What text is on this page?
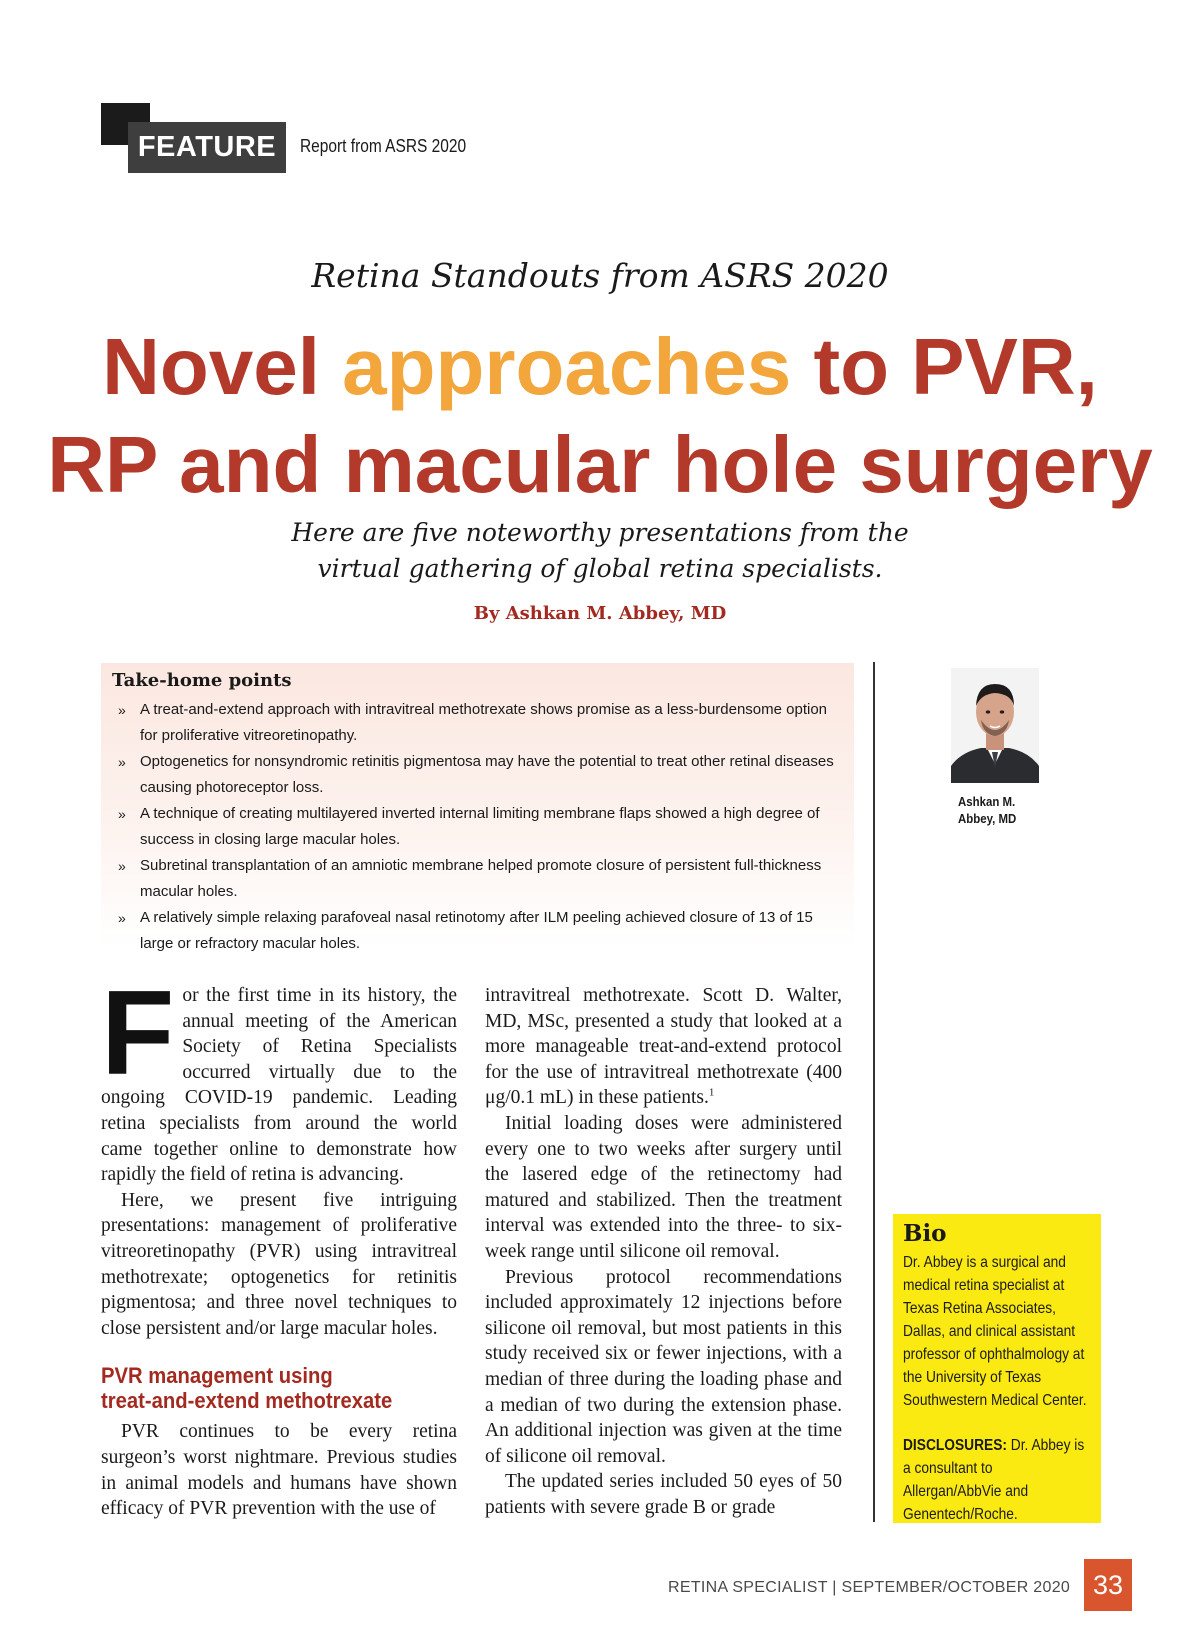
FEATURE	Report from ASRS 2020
Retina Standouts from ASRS 2020
Novel approaches to PVR,
RP and macular hole surgery
Here are five noteworthy presentations from the
virtual gathering of global retina specialists.
By Ashkan M. Abbey, MD
Take-home points
» A treat-and-extend approach with intravitreal methotrexate shows promise as a less-burdensome option for proliferative vitreoretinopathy.
» Optogenetics for nonsyndromic retinitis pigmentosa may have the potential to treat other retinal diseases causing photoreceptor loss.
» A technique of creating multilayered inverted internal limiting membrane flaps showed a high degree of success in closing large macular holes.
» Subretinal transplantation of an amniotic membrane helped promote closure of persistent full-thickness macular holes.
» A relatively simple relaxing parafoveal nasal retinotomy after ILM peeling achieved closure of 13 of 15 large or refractory macular holes.
Ashkan M.
Abbey, MD

For the first time in its history, the annual meeting of the American Society of Retina Specialists occurred virtually due to the ongoing COVID-19 pandemic. Leading retina specialists from around the world came together online to demonstrate how rapidly the field of retina is advancing.

Here, we present five intriguing presentations: management of proliferative vitreoretinopathy (PVR) using intravitreal methotrexate; optogenetics for retinitis pigmentosa; and three novel techniques to close persistent and/or large macular holes.

PVR management using
treat-and-extend methotrexate

PVR continues to be every retina surgeon’s worst nightmare. Previous studies in animal models and humans have shown efficacy of PVR prevention with the use of

intravitreal methotrexate. Scott D. Walter, MD, MSc, presented a study that looked at a more manageable treat-and-extend protocol for the use of intravitreal methotrexate (400 μg/0.1 mL) in these patients.$^1$

Initial loading doses were administered every one to two weeks after surgery until the lasered edge of the retinectomy had matured and stabilized. Then the treatment interval was extended into the three- to six-week range until silicone oil removal.

Previous protocol recommendations included approximately 12 injections before silicone oil removal, but most patients in this study received six or fewer injections, with a median of three during the loading phase and a median of two during the extension phase. An additional injection was given at the time of silicone oil removal.

The updated series included 50 eyes of 50 patients with severe grade B or grade

Bio
Dr. Abbey is a surgical and medical retina specialist at Texas Retina Associates, Dallas, and clinical assistant professor of ophthalmology at the University of Texas Southwestern Medical Center.
DISCLOSURES: Dr. Abbey is a consultant to Allergan/AbbVie and Genentech/Roche.
RETINA SPECIALIST | SEPTEMBER/OCTOBER 2020 33
